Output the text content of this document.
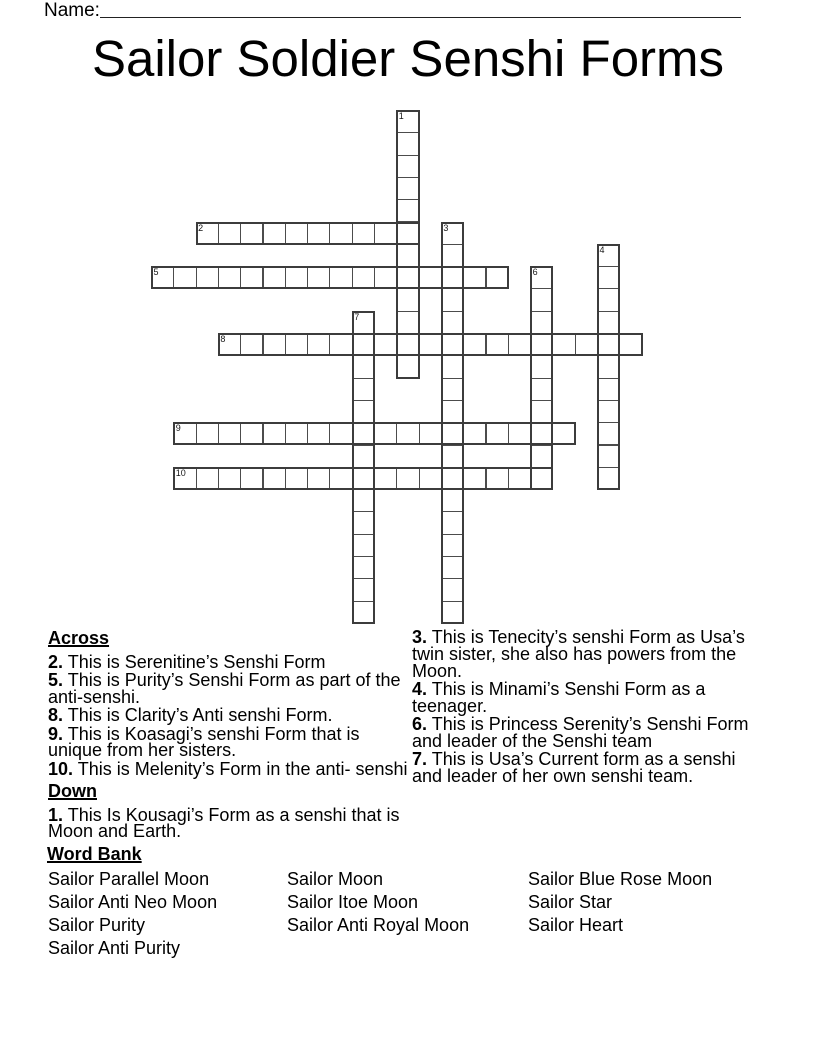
Name:
Sailor Soldier Senshi Forms
1
2	3
4
5	6
7
8
9
10
Across

2. This is Serenitine’s Senshi Form

5. This is Purity’s Senshi Form as part of the anti-senshi.

8. This is Clarity’s Anti senshi Form.

9. This is Koasagi’s senshi Form that is unique from her sisters.

10. This is Melenity’s Form in the anti- senshi

Down

1. This Is Kousagi’s Form as a senshi that is Moon and Earth.

3. This is Tenecity’s senshi Form as Usa’s twin sister, she also has powers from the Moon.

4. This is Minami’s Senshi Form as a teenager.

6. This is Princess Serenity’s Senshi Form and leader of the Senshi team

7. This is Usa’s Current form as a senshi and leader of her own senshi team.

Word Bank

Sailor Parallel Moon

Sailor Anti Neo Moon

Sailor Purity

Sailor Anti Purity

Sailor Moon

Sailor Itoe Moon

Sailor Anti Royal Moon

Sailor Blue Rose Moon

Sailor Star

Sailor Heart
